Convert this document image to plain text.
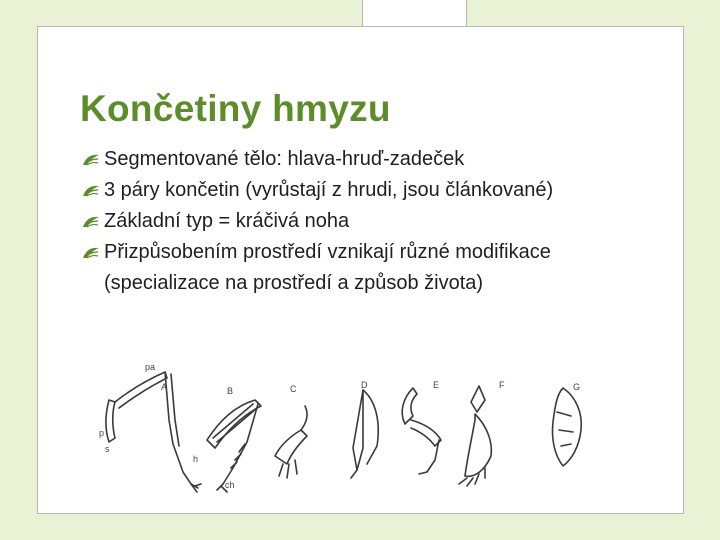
Končetiny hmyzu
Segmentované tělo: hlava-hruď-zadeček
3 páry končetin (vyrůstají z hrudi, jsou článkované)
Základní typ = kráčivá noha
Přizpůsobením prostředí vznikají různé modifikace (specializace na prostředí a způsob života)
pa
A	B	C	D	E	F	G
p
s
h
ch
